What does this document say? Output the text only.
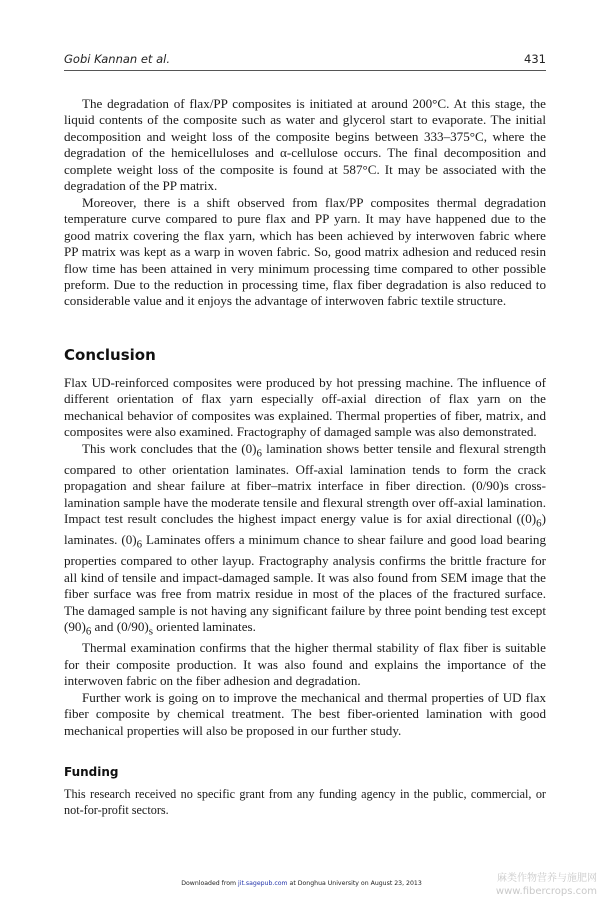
Gobi Kannan et al.	431

The degradation of flax/PP composites is initiated at around 200°C. At this stage, the liquid contents of the composite such as water and glycerol start to evaporate. The initial decomposition and weight loss of the composite begins between 333–375°C, where the degradation of the hemicelluloses and α-cellulose occurs. The final decomposition and complete weight loss of the composite is found at 587°C. It may be associated with the degradation of the PP matrix.

Moreover, there is a shift observed from flax/PP composites thermal degradation temperature curve compared to pure flax and PP yarn. It may have happened due to the good matrix covering the flax yarn, which has been achieved by interwoven fabric where PP matrix was kept as a warp in woven fabric. So, good matrix adhesion and reduced resin flow time has been attained in very minimum processing time compared to other possible preform. Due to the reduction in processing time, flax fiber degradation is also reduced to considerable value and it enjoys the advantage of interwoven fabric textile structure.

Conclusion

Flax UD-reinforced composites were produced by hot pressing machine. The influence of different orientation of flax yarn especially off-axial direction of flax yarn on the mechanical behavior of composites was explained. Thermal properties of fiber, matrix, and composites were also examined. Fractography of damaged sample was also demonstrated.

This work concludes that the $(0)_6$ lamination shows better tensile and flexural strength compared to other orientation laminates. Off-axial lamination tends to form the crack propagation and shear failure at fiber–matrix interface in fiber direction. (0/90)s cross-lamination sample have the moderate tensile and flexural strength over off-axial lamination. Impact test result concludes the highest impact energy value is for axial directional $((0)_6)$ laminates. $(0)_6$ Laminates offers a minimum chance to shear failure and good load bearing properties compared to other layup. Fractography analysis confirms the brittle fracture for all kind of tensile and impact-damaged sample. It was also found from SEM image that the fiber surface was free from matrix residue in most of the places of the fractured surface. The damaged sample is not having any significant failure by three point bending test except $(90)_6$ and $(0/90)_s$ oriented laminates.

Thermal examination confirms that the higher thermal stability of flax fiber is suitable for their composite production. It was also found and explains the importance of the interwoven fabric on the fiber adhesion and degradation.

Further work is going on to improve the mechanical and thermal properties of UD flax fiber composite by chemical treatment. The best fiber-oriented lamination with good mechanical properties will also be proposed in our further study.

Funding

This research received no specific grant from any funding agency in the public, commercial, or not-for-profit sectors.

Downloaded from jit.sagepub.com at Donghua University on August 23, 2013	麻类作物营养与施肥网
www.fibercrops.com
